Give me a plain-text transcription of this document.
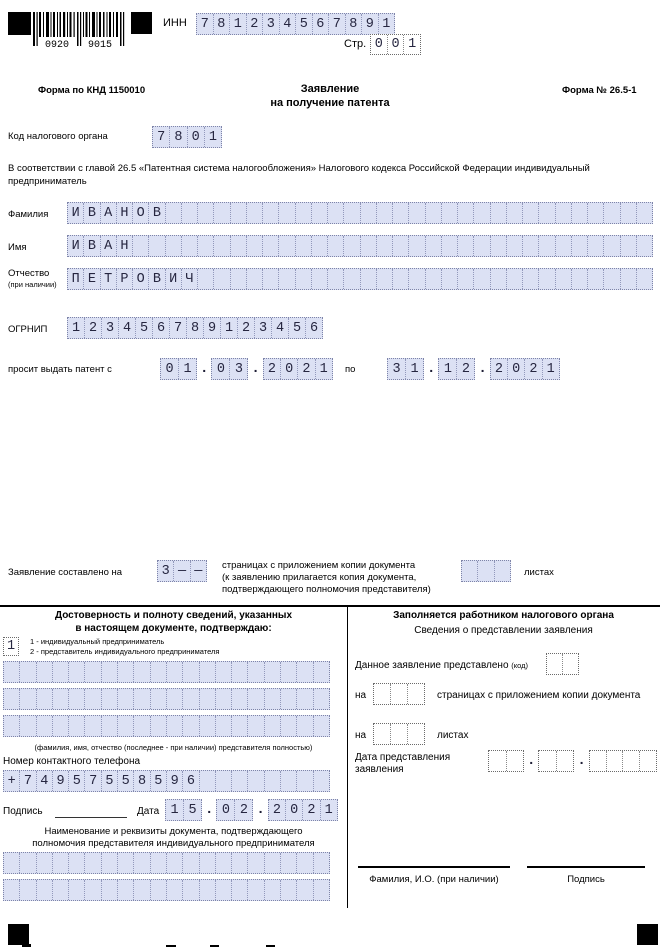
0920 9015
ИНН 7 8 1 2 3 4 5 6 7 8 9 1
Стр. 0 0 1
Форма по КНД 1150010	Заявление
на получение патента
Форма № 26.5-1
Код налогового органа	7 8 0 1
В соответствии с главой 26.5 «Патентная система налогообложения» Налогового кодекса Российской Федерации индивидуальный предприниматель
Фамилия И В А Н О В
Имя	И В А Н
Отчество
(при наличии) П Е Т Р О В И Ч
ОГРНИП 1 2 3 4 5 6 7 8 9 1 2 3 4 5 6
просит выдать патент с	0 1 . 0 3 . 2 0 2 1	по	3 1 . 1 2 . 2 0 2 1
Заявление составлено на	3 — —	страницах с приложением копии документа
(к заявлению прилагается копия документа,
подтверждающего полномочия представителя)
листах
Достоверность и полноту сведений, указанных
в настоящем документе, подтверждаю:
1	1 - индивидуальный предприниматель
2 - представитель индивидуального предпринимателя
(фамилия, имя, отчество (последнее - при наличии) представителя полностью)
Номер контактного телефона
+ 7 4 9 5 7 5 5 8 5 9 6
Подпись	Дата 1 5 . 0 2 . 2 0 2 1
Наименование и реквизиты документа, подтверждающего
полномочия представителя индивидуального предпринимателя
Заполняется работником налогового органа
Сведения о представлении заявления
Данное заявление представлено (код)
на	страницах с приложением копии документа
на	листах
Дата представления
заявления
.	.
Фамилия, И.О. (при наличии)	Подпись
